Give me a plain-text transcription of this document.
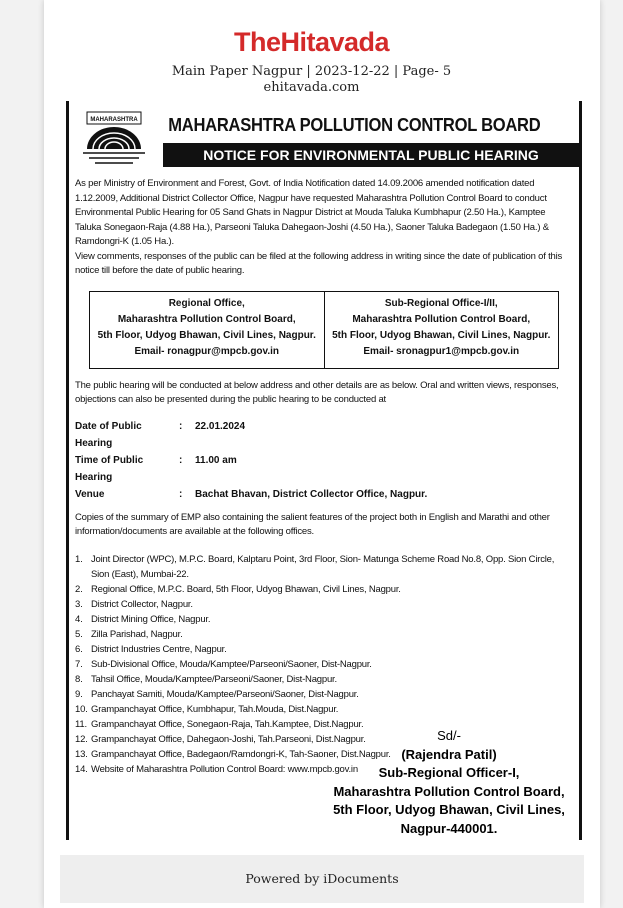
TheHitavada
Main Paper Nagpur | 2023-12-22 | Page- 5
ehitavada.com
MAHARASHTRA MAHARASHTRA POLLUTION CONTROL BOARD
NOTICE FOR ENVIRONMENTAL PUBLIC HEARING
As per Ministry of Environment and Forest, Govt. of India Notification dated 14.09.2006 amended notification dated 1.12.2009, Additional District Collector Office, Nagpur have requested Maharashtra Pollution Control Board to conduct Environmental Public Hearing for 05 Sand Ghats in Nagpur District at Mouda Taluka Kumbhapur (2.50 Ha.), Kamptee Taluka Sonegaon-Raja (4.88 Ha.), Parseoni Taluka Dahegaon-Joshi (4.50 Ha.), Saoner Taluka Badegaon (1.50 Ha.) & Ramdongri-K (1.05 Ha.).
View comments, responses of the public can be filed at the following address in writing since the date of publication of this notice till before the date of public hearing.
Regional Office,
Maharashtra Pollution Control Board,
5th Floor, Udyog Bhawan, Civil Lines, Nagpur.
Email- ronagpur@mpcb.gov.in
Sub-Regional Office-I/II,
Maharashtra Pollution Control Board,
5th Floor, Udyog Bhawan, Civil Lines, Nagpur.
Email- sronagpur1@mpcb.gov.in
The public hearing will be conducted at below address and other details are as below. Oral and written views, responses, objections can also be presented during the public hearing to be conducted at
Date of Public Hearing
:	22.01.2024
Time of Public Hearing
:	11.00 am
Venue	:	Bachat Bhavan, District Collector Office, Nagpur.
Copies of the summary of EMP also containing the salient features of the project both in English and Marathi and other information/documents are available at the following offices.
1. Joint Director (WPC), M.P.C. Board, Kalptaru Point, 3rd Floor, Sion- Matunga Scheme Road No.8, Opp. Sion Circle, Sion (East), Mumbai-22.
2. Regional Office, M.P.C. Board, 5th Floor, Udyog Bhawan, Civil Lines, Nagpur.
3. District Collector, Nagpur.
4. District Mining Office, Nagpur.
5. Zilla Parishad, Nagpur.
6. District Industries Centre, Nagpur.
7. Sub-Divisional Office, Mouda/Kamptee/Parseoni/Saoner, Dist-Nagpur.
8. Tahsil Office, Mouda/Kamptee/Parseoni/Saoner, Dist-Nagpur.
9. Panchayat Samiti, Mouda/Kamptee/Parseoni/Saoner, Dist-Nagpur.
10. Grampanchayat Office, Kumbhapur, Tah.Mouda, Dist.Nagpur.
11. Grampanchayat Office, Sonegaon-Raja, Tah.Kamptee, Dist.Nagpur.
12. Grampanchayat Office, Dahegaon-Joshi, Tah.Parseoni, Dist.Nagpur.
13. Grampanchayat Office, Badegaon/Ramdongri-K, Tah-Saoner, Dist.Nagpur.
14. Website of Maharashtra Pollution Control Board: www.mpcb.gov.in
Sd/-
(Rajendra Patil)
Sub-Regional Officer-I,
Maharashtra Pollution Control Board,
5th Floor, Udyog Bhawan, Civil Lines,
Nagpur-440001.
Powered by iDocuments
